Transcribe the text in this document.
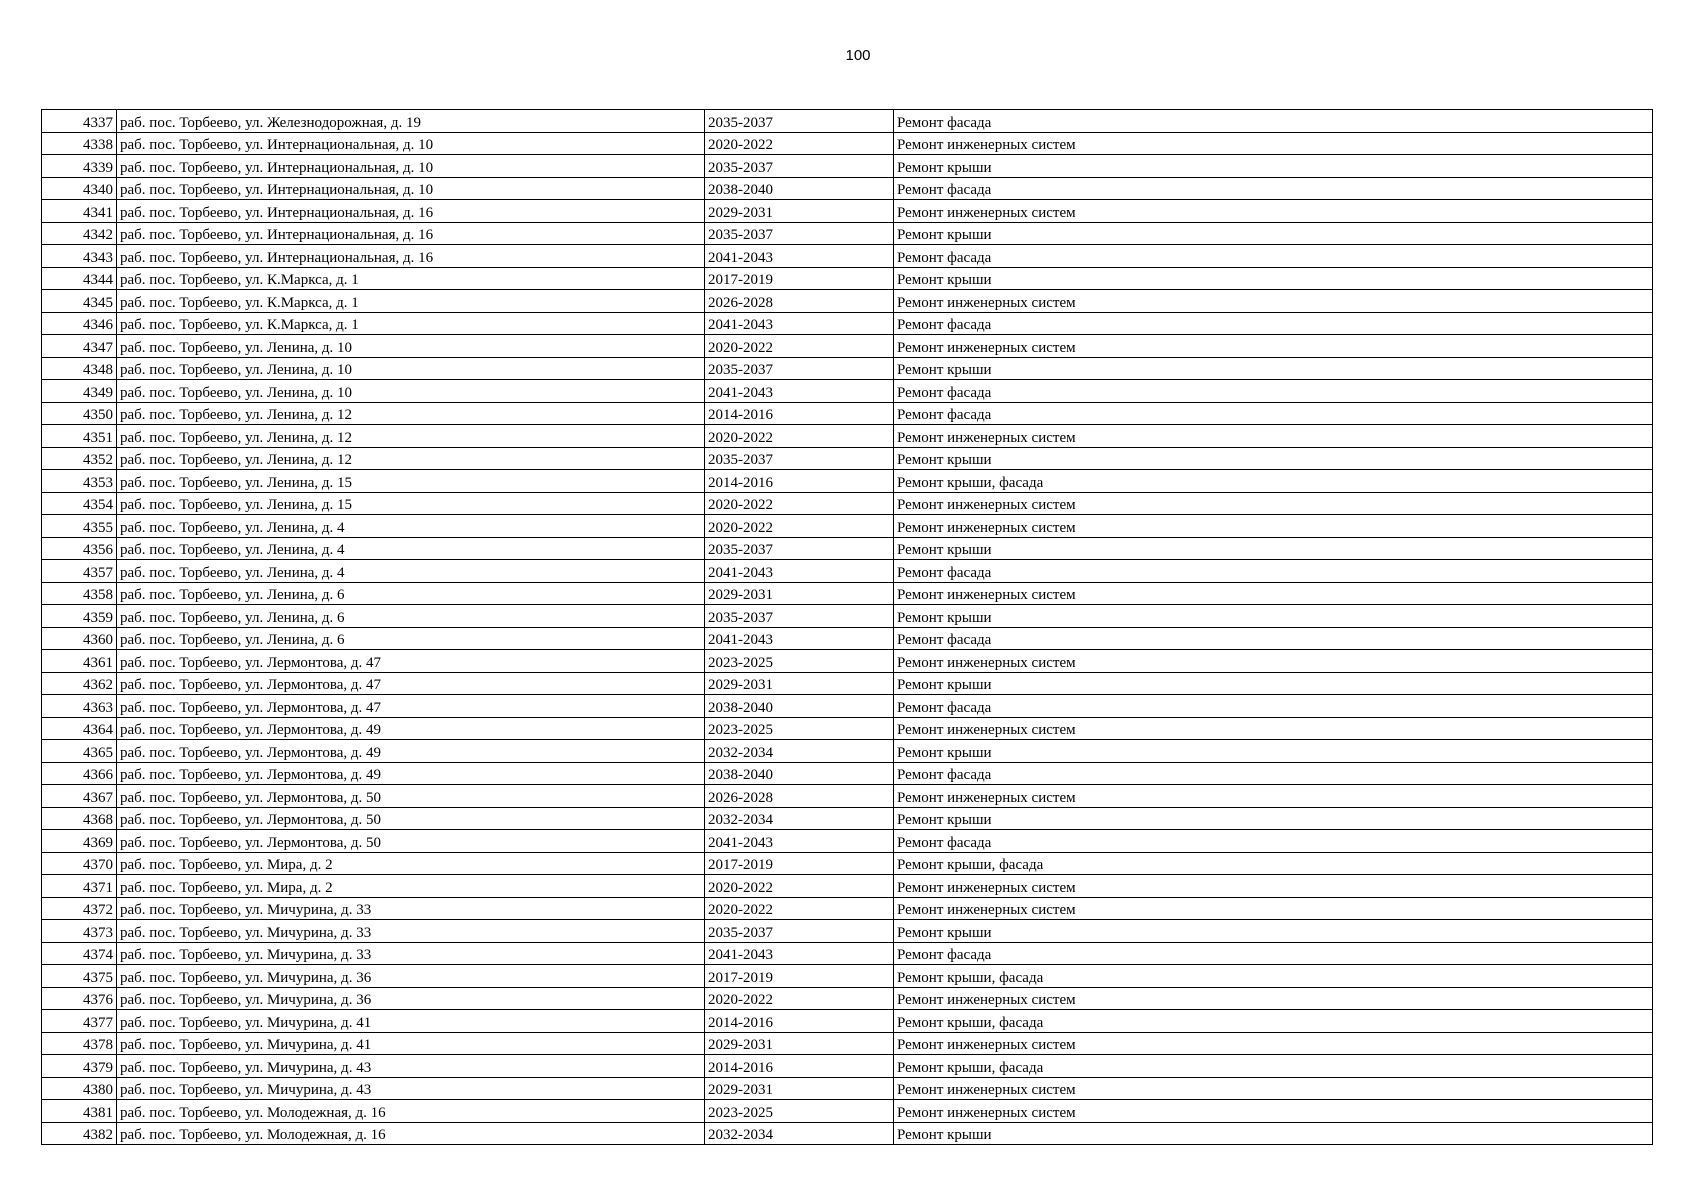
100
4337	раб. пос. Торбеево, ул. Железнодорожная, д. 19	2035-2037	Ремонт фасада
4338	раб. пос. Торбеево, ул. Интернациональная, д. 10	2020-2022	Ремонт инженерных систем
4339	раб. пос. Торбеево, ул. Интернациональная, д. 10	2035-2037	Ремонт крыши
4340	раб. пос. Торбеево, ул. Интернациональная, д. 10	2038-2040	Ремонт фасада
4341	раб. пос. Торбеево, ул. Интернациональная, д. 16	2029-2031	Ремонт инженерных систем
4342	раб. пос. Торбеево, ул. Интернациональная, д. 16	2035-2037	Ремонт крыши
4343	раб. пос. Торбеево, ул. Интернациональная, д. 16	2041-2043	Ремонт фасада
4344	раб. пос. Торбеево, ул. К.Маркса, д. 1	2017-2019	Ремонт крыши
4345	раб. пос. Торбеево, ул. К.Маркса, д. 1	2026-2028	Ремонт инженерных систем
4346	раб. пос. Торбеево, ул. К.Маркса, д. 1	2041-2043	Ремонт фасада
4347	раб. пос. Торбеево, ул. Ленина, д. 10	2020-2022	Ремонт инженерных систем
4348	раб. пос. Торбеево, ул. Ленина, д. 10	2035-2037	Ремонт крыши
4349	раб. пос. Торбеево, ул. Ленина, д. 10	2041-2043	Ремонт фасада
4350	раб. пос. Торбеево, ул. Ленина, д. 12	2014-2016	Ремонт фасада
4351	раб. пос. Торбеево, ул. Ленина, д. 12	2020-2022	Ремонт инженерных систем
4352	раб. пос. Торбеево, ул. Ленина, д. 12	2035-2037	Ремонт крыши
4353	раб. пос. Торбеево, ул. Ленина, д. 15	2014-2016	Ремонт крыши, фасада
4354	раб. пос. Торбеево, ул. Ленина, д. 15	2020-2022	Ремонт инженерных систем
4355	раб. пос. Торбеево, ул. Ленина, д. 4	2020-2022	Ремонт инженерных систем
4356	раб. пос. Торбеево, ул. Ленина, д. 4	2035-2037	Ремонт крыши
4357	раб. пос. Торбеево, ул. Ленина, д. 4	2041-2043	Ремонт фасада
4358	раб. пос. Торбеево, ул. Ленина, д. 6	2029-2031	Ремонт инженерных систем
4359	раб. пос. Торбеево, ул. Ленина, д. 6	2035-2037	Ремонт крыши
4360	раб. пос. Торбеево, ул. Ленина, д. 6	2041-2043	Ремонт фасада
4361	раб. пос. Торбеево, ул. Лермонтова, д. 47	2023-2025	Ремонт инженерных систем
4362	раб. пос. Торбеево, ул. Лермонтова, д. 47	2029-2031	Ремонт крыши
4363	раб. пос. Торбеево, ул. Лермонтова, д. 47	2038-2040	Ремонт фасада
4364	раб. пос. Торбеево, ул. Лермонтова, д. 49	2023-2025	Ремонт инженерных систем
4365	раб. пос. Торбеево, ул. Лермонтова, д. 49	2032-2034	Ремонт крыши
4366	раб. пос. Торбеево, ул. Лермонтова, д. 49	2038-2040	Ремонт фасада
4367	раб. пос. Торбеево, ул. Лермонтова, д. 50	2026-2028	Ремонт инженерных систем
4368	раб. пос. Торбеево, ул. Лермонтова, д. 50	2032-2034	Ремонт крыши
4369	раб. пос. Торбеево, ул. Лермонтова, д. 50	2041-2043	Ремонт фасада
4370	раб. пос. Торбеево, ул. Мира, д. 2	2017-2019	Ремонт крыши, фасада
4371	раб. пос. Торбеево, ул. Мира, д. 2	2020-2022	Ремонт инженерных систем
4372	раб. пос. Торбеево, ул. Мичурина, д. 33	2020-2022	Ремонт инженерных систем
4373	раб. пос. Торбеево, ул. Мичурина, д. 33	2035-2037	Ремонт крыши
4374	раб. пос. Торбеево, ул. Мичурина, д. 33	2041-2043	Ремонт фасада
4375	раб. пос. Торбеево, ул. Мичурина, д. 36	2017-2019	Ремонт крыши, фасада
4376	раб. пос. Торбеево, ул. Мичурина, д. 36	2020-2022	Ремонт инженерных систем
4377	раб. пос. Торбеево, ул. Мичурина, д. 41	2014-2016	Ремонт крыши, фасада
4378	раб. пос. Торбеево, ул. Мичурина, д. 41	2029-2031	Ремонт инженерных систем
4379	раб. пос. Торбеево, ул. Мичурина, д. 43	2014-2016	Ремонт крыши, фасада
4380	раб. пос. Торбеево, ул. Мичурина, д. 43	2029-2031	Ремонт инженерных систем
4381	раб. пос. Торбеево, ул. Молодежная, д. 16	2023-2025	Ремонт инженерных систем
4382	раб. пос. Торбеево, ул. Молодежная, д. 16	2032-2034	Ремонт крыши
